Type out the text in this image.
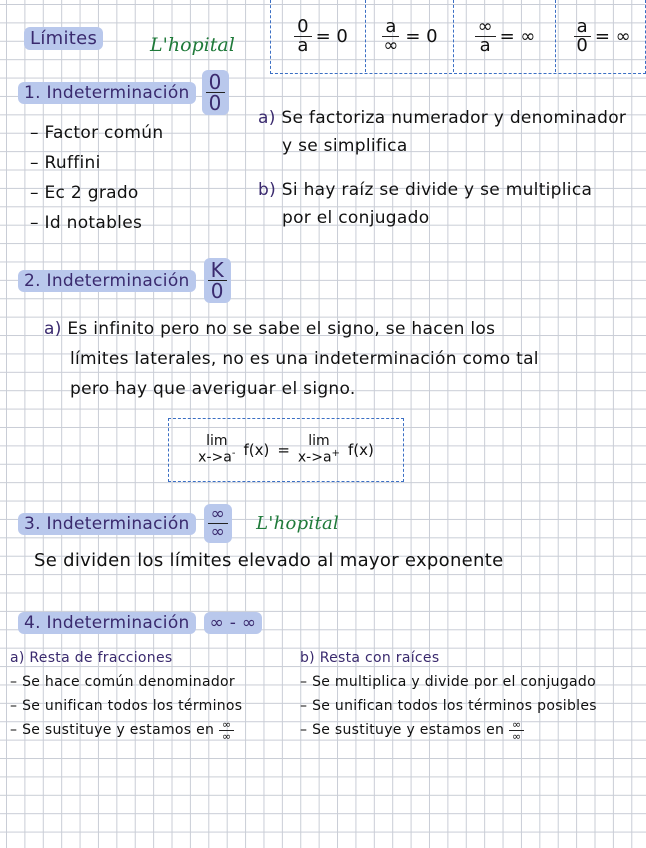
Límites	L'hopital	$\frac{0}{a} = 0 \frac{a}{\infty} = 0 \frac{\infty}{a}$ = ∞ $\frac{a}{0}$ = ∞
1. Indeterminación $\frac{0}{0}$
– Factor común
– Ruffini
– Ec 2 grado
– Id notables
a) Se factoriza numerador y denominador
y se simplifica
b) Si hay raíz se divide y se multiplica
por el conjugado
2. Indeterminación $\frac{K}{0}$
a) Es infinito pero no se sabe el signo, se hacen los
límites laterales, no es una indeterminación como tal
pero hay que averiguar el signo.
lim
x->a- f(x) = lim
x->a+ f(x)
3. Indeterminación	$\frac{\infty}{\infty}$ L'hopital
Se dividen los límites elevado al mayor exponente
4. Indeterminación	∞ - ∞
a) Resta de fracciones
– Se hace común denominador
– Se unifican todos los términos
– Se sustituye y estamos en $\frac{\infty}{\infty}$
b) Resta con raíces
– Se multiplica y divide por el conjugado
– Se unifican todos los términos posibles
– Se sustituye y estamos en $\frac{\infty}{\infty}$
